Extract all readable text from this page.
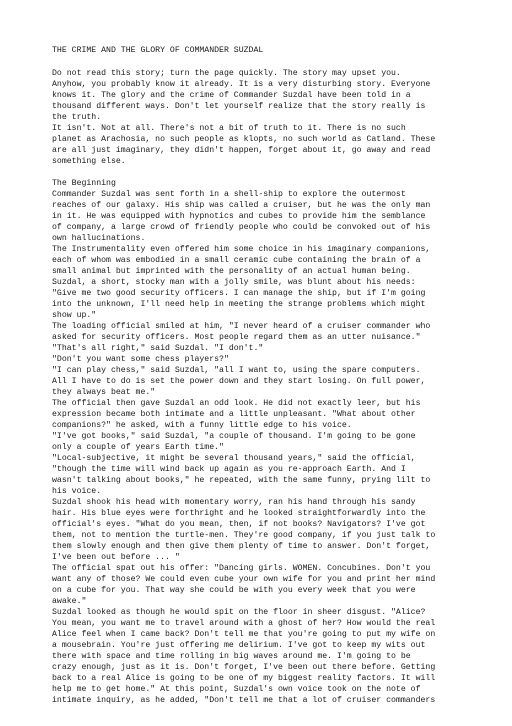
THE CRIME AND THE GLORY OF COMMANDER SUZDAL
Do not read this story; turn the page quickly. The story may upset you.
Anyhow, you probably know it already. It is a very disturbing story. Everyone
knows it. The glory and the crime of Commander Suzdal have been told in a
thousand different ways. Don't let yourself realize that the story really is
the truth.
It isn't. Not at all. There's not a bit of truth to it. There is no such
planet as Arachosia, no such people as klopts, no such world as Catland. These
are all just imaginary, they didn't happen, forget about it, go away and read
something else.
The Beginning
Commander Suzdal was sent forth in a shell-ship to explore the outermost
reaches of our galaxy. His ship was called a cruiser, but he was the only man
in it. He was equipped with hypnotics and cubes to provide him the semblance
of company, a large crowd of friendly people who could be convoked out of his
own hallucinations.
The Instrumentality even offered him some choice in his imaginary companions,
each of whom was embodied in a small ceramic cube containing the brain of a
small animal but imprinted with the personality of an actual human being.
Suzdal, a short, stocky man with a jolly smile, was blunt about his needs:
"Give me two good security officers. I can manage the ship, but if I'm going
into the unknown, I'll need help in meeting the strange problems which might
show up."
The loading official smiled at him, "I never heard of a cruiser commander who
asked for security officers. Most people regard them as an utter nuisance."
"That's all right," said Suzdal. "I don't."
"Don't you want some chess players?"
"I can play chess," said Suzdal, "all I want to, using the spare computers.
All I have to do is set the power down and they start losing. On full power,
they always beat me."
The official then gave Suzdal an odd look. He did not exactly leer, but his
expression became both intimate and a little unpleasant. "What about other
companions?" he asked, with a funny little edge to his voice.
"I've got books," said Suzdal, "a couple of thousand. I'm going to be gone
only a couple of years Earth time."
"Local-subjective, it might be several thousand years," said the official,
"though the time will wind back up again as you re-approach Earth. And I
wasn't talking about books," he repeated, with the same funny, prying lilt to
his voice.
Suzdal shook his head with momentary worry, ran his hand through his sandy
hair. His blue eyes were forthright and he looked straightforwardly into the
official's eyes. "What do you mean, then, if not books? Navigators? I've got
them, not to mention the turtle-men. They're good company, if you just talk to
them slowly enough and then give them plenty of time to answer. Don't forget,
I've been out before ... "
The official spat out his offer: "Dancing girls. WOMEN. Concubines. Don't you
want any of those? We could even cube your own wife for you and print her mind
on a cube for you. That way she could be with you every week that you were
awake."
Suzdal looked as though he would spit on the floor in sheer disgust. "Alice?
You mean, you want me to travel around with a ghost of her? How would the real
Alice feel when I came back? Don't tell me that you're going to put my wife on
a mousebrain. You're just offering me delirium. I've got to keep my wits out
there with space and time rolling in big waves around me. I'm going to be
crazy enough, just as it is. Don't forget, I've been out there before. Getting
back to a real Alice is going to be one of my biggest reality factors. It will
help me to get home." At this point, Suzdal's own voice took on the note of
intimate inquiry, as he added, "Don't tell me that a lot of cruiser commanders
